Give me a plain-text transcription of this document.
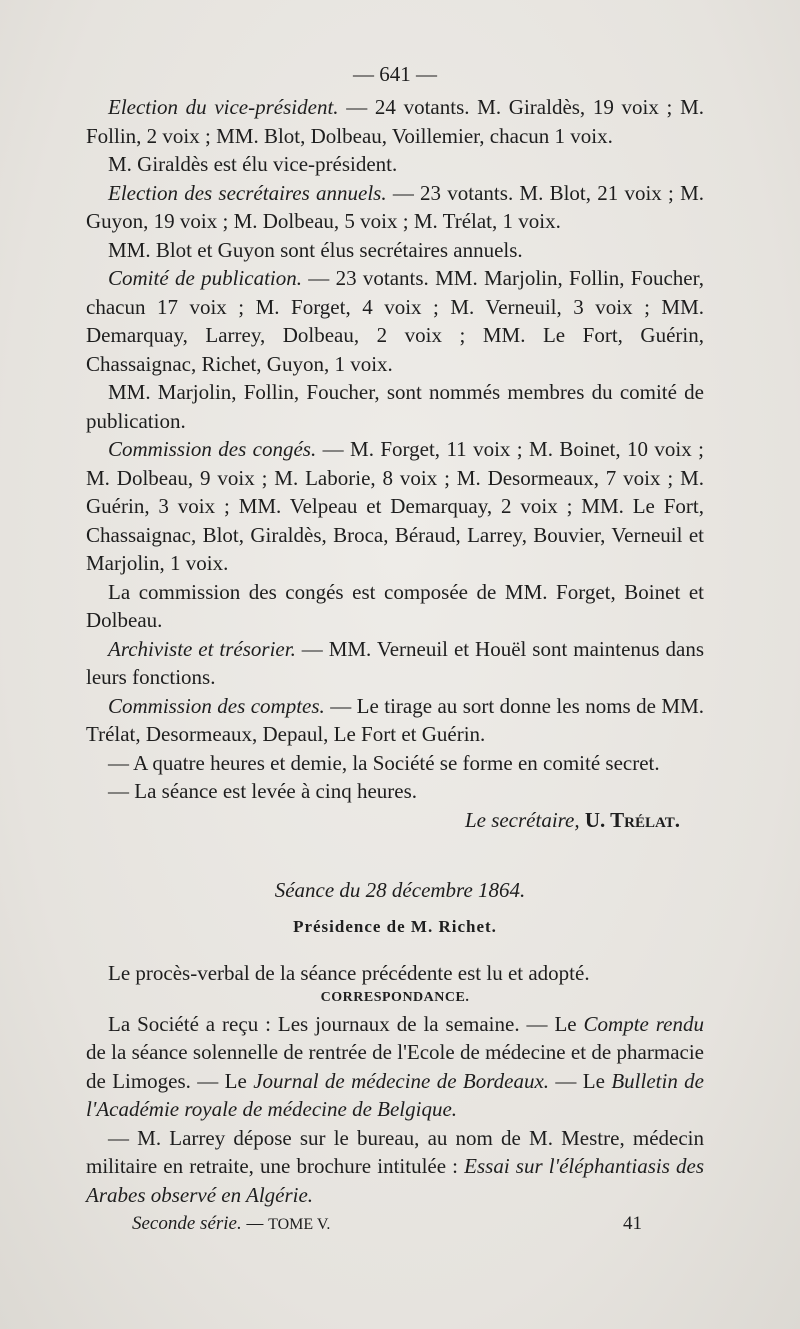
— 641 —

Election du vice-président. — 24 votants. M. Giraldès, 19 voix ; M. Follin, 2 voix ; MM. Blot, Dolbeau, Voillemier, chacun 1 voix.

M. Giraldès est élu vice-président.

Election des secrétaires annuels. — 23 votants. M. Blot, 21 voix ; M. Guyon, 19 voix ; M. Dolbeau, 5 voix ; M. Trélat, 1 voix.

MM. Blot et Guyon sont élus secrétaires annuels.

Comité de publication. — 23 votants. MM. Marjolin, Follin, Foucher, chacun 17 voix ; M. Forget, 4 voix ; M. Verneuil, 3 voix ; MM. Demarquay, Larrey, Dolbeau, 2 voix ; MM. Le Fort, Guérin, Chassaignac, Richet, Guyon, 1 voix.

MM. Marjolin, Follin, Foucher, sont nommés membres du comité de publication.

Commission des congés. — M. Forget, 11 voix ; M. Boinet, 10 voix ; M. Dolbeau, 9 voix ; M. Laborie, 8 voix ; M. Desormeaux, 7 voix ; M. Guérin, 3 voix ; MM. Velpeau et Demarquay, 2 voix ; MM. Le Fort, Chassaignac, Blot, Giraldès, Broca, Béraud, Larrey, Bouvier, Verneuil et Marjolin, 1 voix.

La commission des congés est composée de MM. Forget, Boinet et Dolbeau.

Archiviste et trésorier. — MM. Verneuil et Houël sont maintenus dans leurs fonctions.

Commission des comptes. — Le tirage au sort donne les noms de MM. Trélat, Desormeaux, Depaul, Le Fort et Guérin.

— A quatre heures et demie, la Société se forme en comité secret.

— La séance est levée à cinq heures.

Le secrétaire, U. Trélat.

Séance du 28 décembre 1864.
Présidence de M. Richet.

Le procès-verbal de la séance précédente est lu et adopté.

CORRESPONDANCE.

La Société a reçu : Les journaux de la semaine. — Le Compte rendu de la séance solennelle de rentrée de l'Ecole de médecine et de pharmacie de Limoges. — Le Journal de médecine de Bordeaux. — Le Bulletin de l'Académie royale de médecine de Belgique.

— M. Larrey dépose sur le bureau, au nom de M. Mestre, médecin militaire en retraite, une brochure intitulée : Essai sur l'éléphantiasis des Arabes observé en Algérie.

Seconde série. — TOME V.	41
